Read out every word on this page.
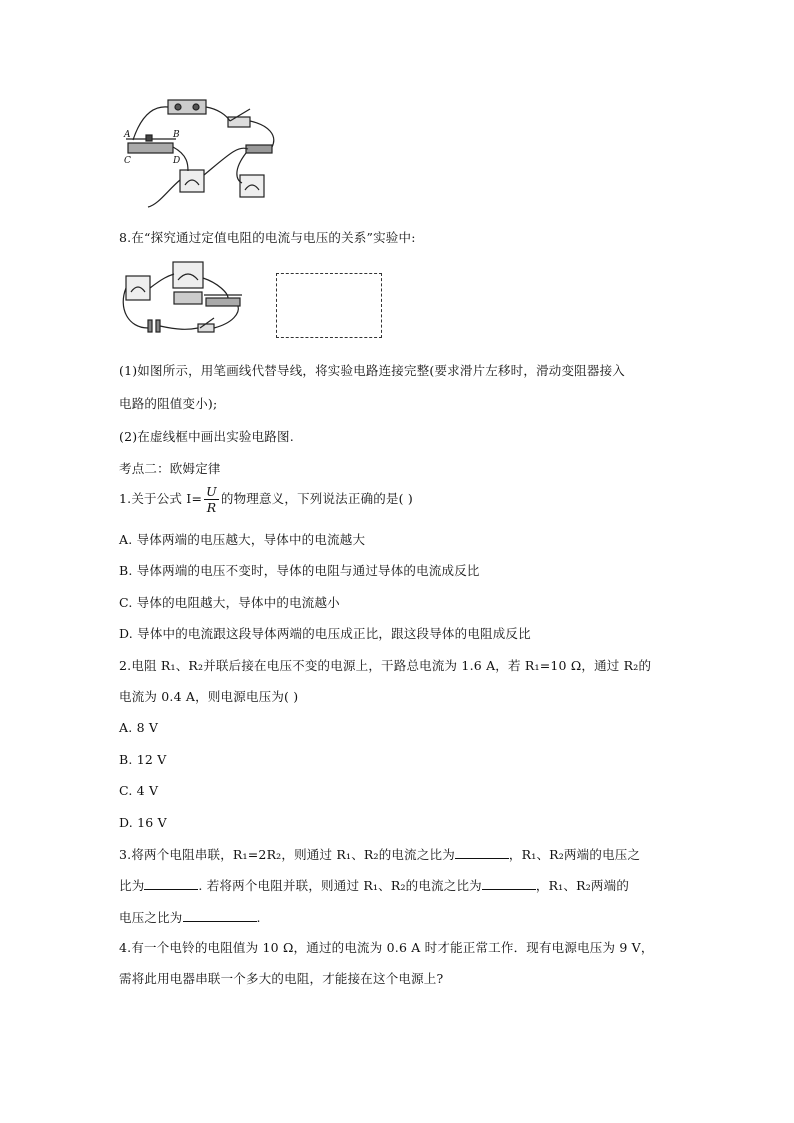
A	B
C	D
8.在“探究通过定值电阻的电流与电压的关系”实验中:
(1)如图所示，用笔画线代替导线，将实验电路连接完整(要求滑片左移时，滑动变阻器接入
电路的阻值变小);
(2)在虚线框中画出实验电路图.
考点二：欧姆定律
1.关于公式 $I= \frac{U}{R}$ 的物理意义，下列说法正确的是( )
A. 导体两端的电压越大，导体中的电流越大
B. 导体两端的电压不变时，导体的电阻与通过导体的电流成反比
C. 导体的电阻越大，导体中的电流越小
D. 导体中的电流跟这段导体两端的电压成正比，跟这段导体的电阻成反比
2.电阻 R₁、R₂并联后接在电压不变的电源上，干路总电流为 1.6 A，若 R₁=10 Ω，通过 R₂的
电流为 0.4 A，则电源电压为( )
A. 8 V
B. 12 V
C. 4 V
D. 16 V
3.将两个电阻串联，R₁=2R₂，则通过 R₁、R₂的电流之比为	，R₁、R₂两端的电压之
比为	. 若将两个电阻并联，则通过 R₁、R₂的电流之比为	，R₁、R₂两端的
电压之比为	.
4.有一个电铃的电阻值为 10 Ω，通过的电流为 0.6 A 时才能正常工作．现有电源电压为 9 V，
需将此用电器串联一个多大的电阻，才能接在这个电源上?
